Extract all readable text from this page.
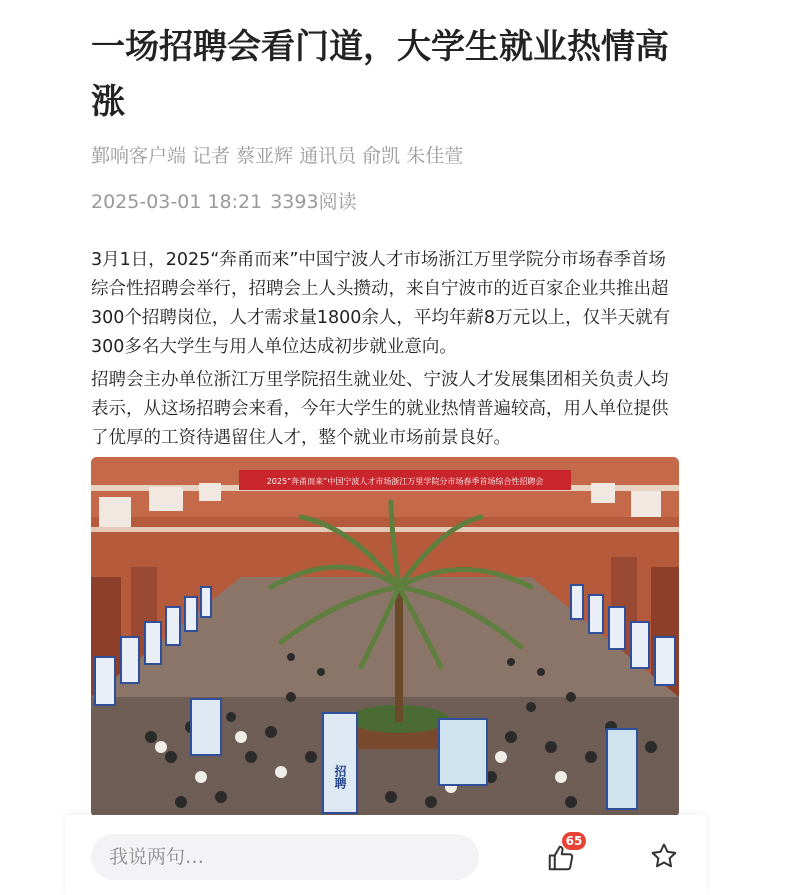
一场招聘会看门道，大学生就业热情高涨
鄞响客户端 记者 蔡亚辉 通讯员 俞凯 朱佳萱
2025-03-01 18:21 3393阅读

3月1日，2025“奔甬而来”中国宁波人才市场浙江万里学院分市场春季首场综合性招聘会举行，招聘会上人头攒动，来自宁波市的近百家企业共推出超300个招聘岗位，人才需求量1800余人，平均年薪8万元以上，仅半天就有300多名大学生与用人单位达成初步就业意向。

招聘会主办单位浙江万里学院招生就业处、宁波人才发展集团相关负责人均表示，从这场招聘会来看，今年大学生的就业热情普遍较高，用人单位提供了优厚的工资待遇留住人才，整个就业市场前景良好。

2025“奔甬而来”中国宁波人才市场浙江万里学院分市场春季首场综合性招聘会
招聘
我说两句…
65
